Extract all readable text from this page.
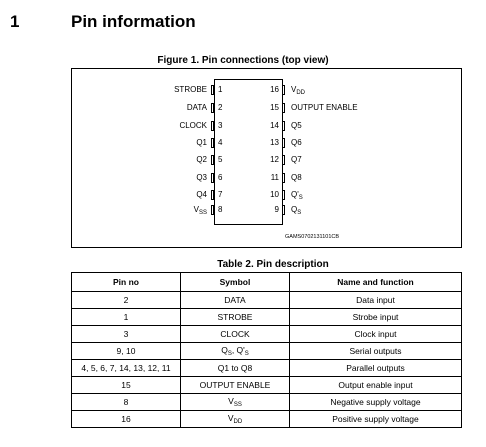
1	Pin information
Figure 1. Pin connections (top view)
STROBE 1
DATA 2
CLOCK 3
Q1 4
Q2 5
Q3 6
Q4 7
$V_{SS}$ 8
$V_{DD}$
16
OUTPUT ENABLE
15
Q5
14
Q6
13
Q7
12
Q8
11
$Q'_S$
10
$Q_S$
9
GAMS0702131101CB
Table 2. Pin description
Pin no	Symbol	Name and function
2	DATA	Data input
1	STROBE	Strobe input
3	CLOCK	Clock input
9, 10	$Q_S$, $Q'_S$	Serial outputs
4, 5, 6, 7, 14, 13, 12, 11	Q1 to Q8	Parallel outputs
15	OUTPUT ENABLE	Output enable input
8	$V_{SS}$	Negative supply voltage
16	$V_{DD}$	Positive supply voltage
